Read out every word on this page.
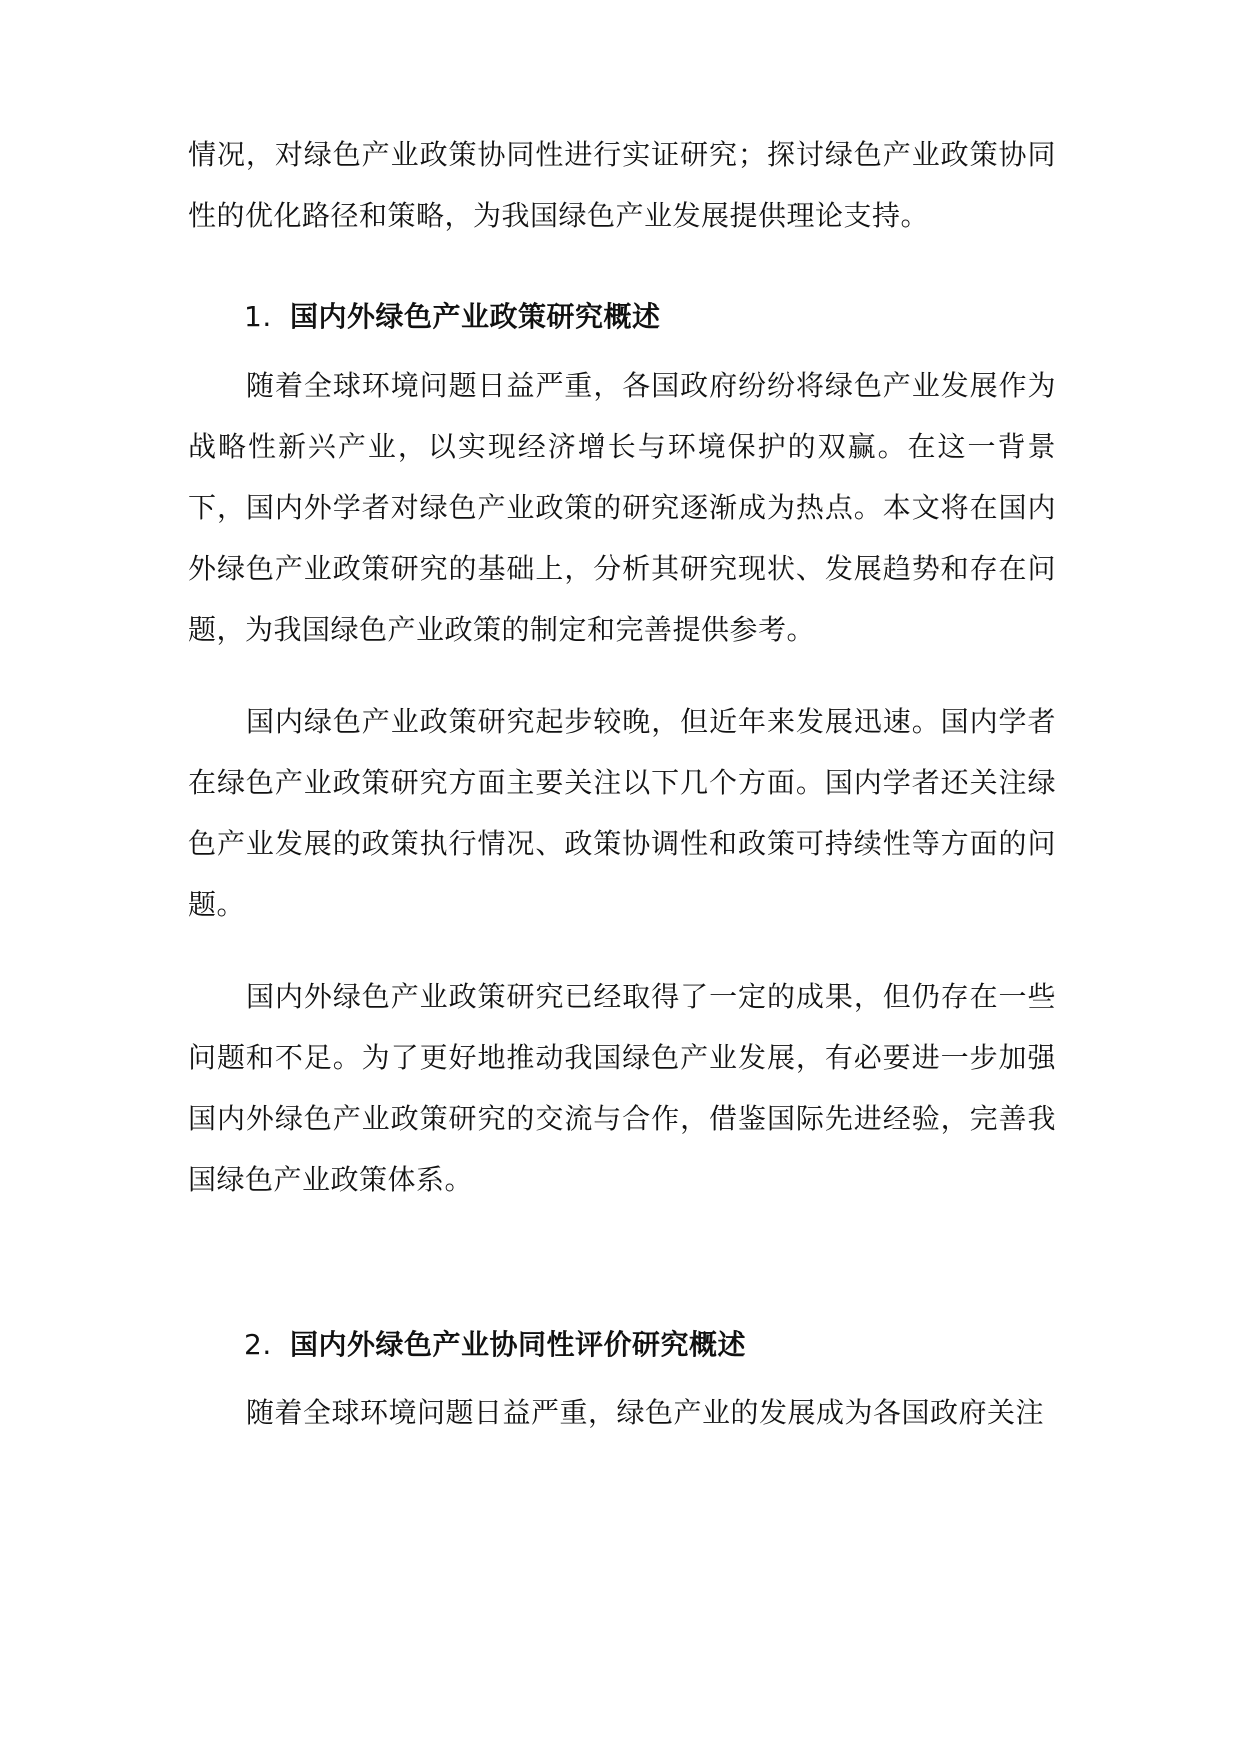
情况，对绿色产业政策协同性进行实证研究；探讨绿色产业政策协同性的优化路径和策略，为我国绿色产业发展提供理论支持。

1. 国内外绿色产业政策研究概述

随着全球环境问题日益严重，各国政府纷纷将绿色产业发展作为战略性新兴产业，以实现经济增长与环境保护的双赢。在这一背景下，国内外学者对绿色产业政策的研究逐渐成为热点。本文将在国内外绿色产业政策研究的基础上，分析其研究现状、发展趋势和存在问题，为我国绿色产业政策的制定和完善提供参考。

国内绿色产业政策研究起步较晚，但近年来发展迅速。国内学者在绿色产业政策研究方面主要关注以下几个方面。国内学者还关注绿色产业发展的政策执行情况、政策协调性和政策可持续性等方面的问题。

国内外绿色产业政策研究已经取得了一定的成果，但仍存在一些问题和不足。为了更好地推动我国绿色产业发展，有必要进一步加强国内外绿色产业政策研究的交流与合作，借鉴国际先进经验，完善我国绿色产业政策体系。

2. 国内外绿色产业协同性评价研究概述

随着全球环境问题日益严重，绿色产业的发展成为各国政府关注
